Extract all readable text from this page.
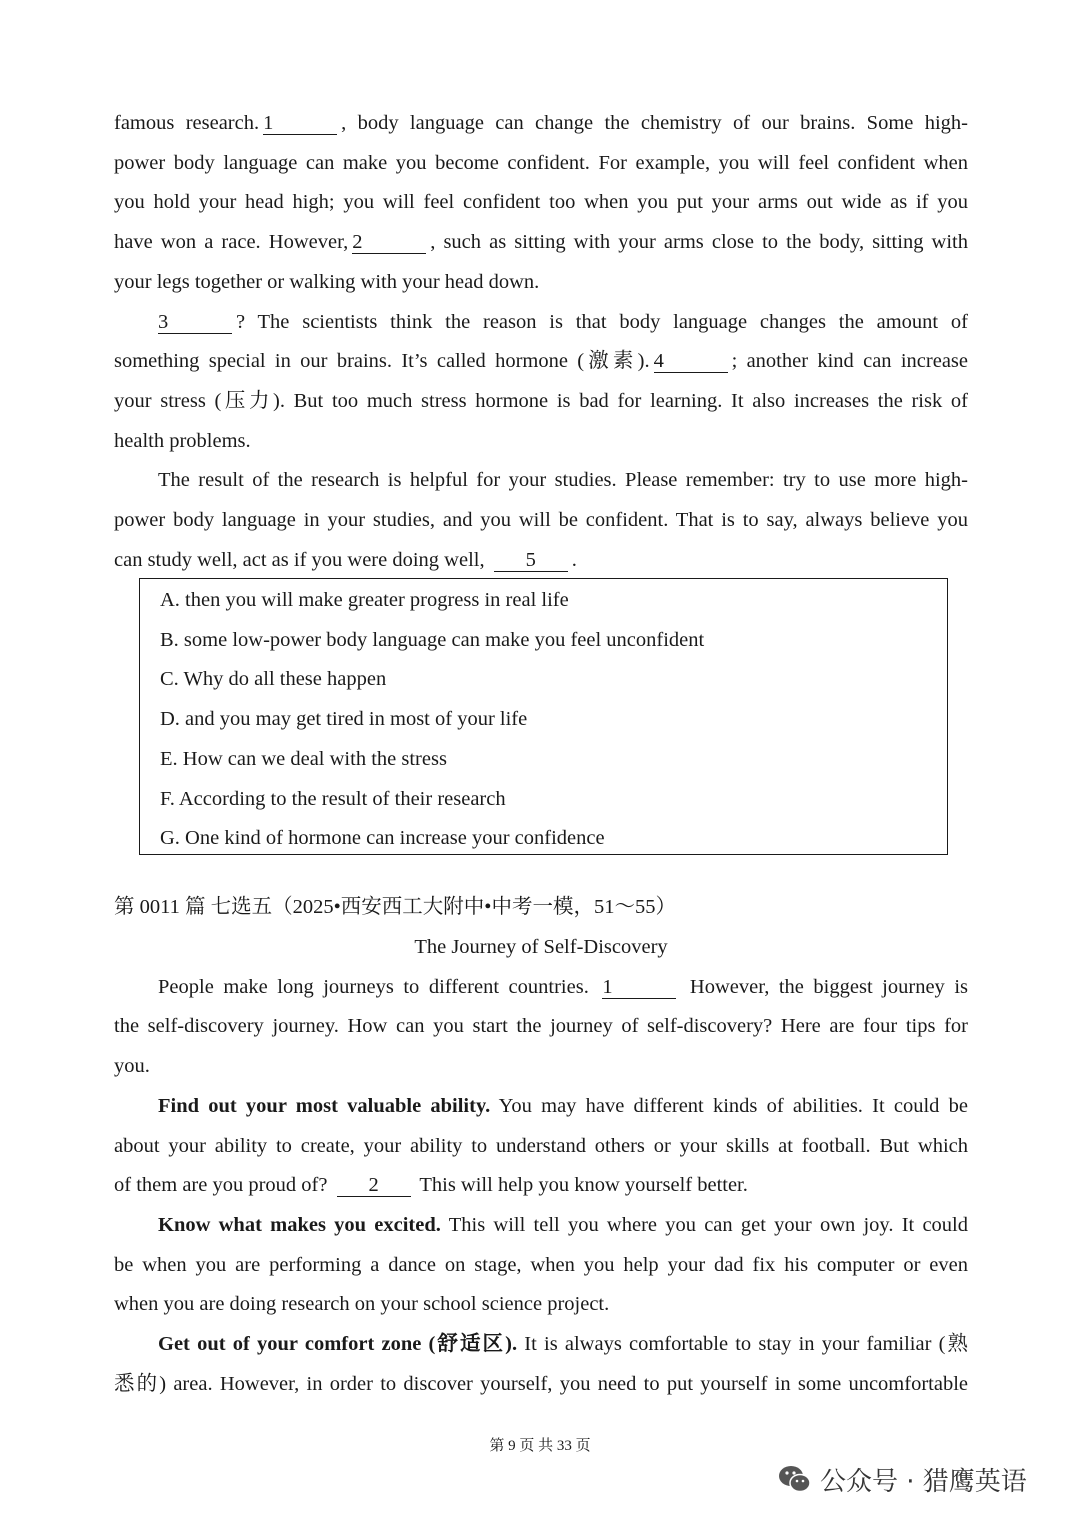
famous research. 1	, body language can change the chemistry of our brains. Some high-
power body language can make you become confident. For example, you will feel confident when
you hold your head high; you will feel confident too when you put your arms out wide as if you
have won a race. However, 2	, such as sitting with your arms close to the body, sitting with
your legs together or walking with your head down.
3	? The scientists think the reason is that body language changes the amount of
something special in our brains. It’s called hormone (激素). 4	; another kind can increase
your stress (压力). But too much stress hormone is bad for learning. It also increases the risk of
health problems.
The result of the research is helpful for your studies. Please remember: try to use more high-
power body language in your studies, and you will be confident. That is to say, always believe you
can study well, act as if you were doing well, 5 .
A. then you will make greater progress in real life
B. some low-power body language can make you feel unconfident
C. Why do all these happen
D. and you may get tired in most of your life
E. How can we deal with the stress
F. According to the result of their research
G. One kind of hormone can increase your confidence
第 0011 篇 七选五（2025•西安西工大附中•中考一模，51～55）
The Journey of Self-Discovery
People make long journeys to different countries. 1	However, the biggest journey is
the self-discovery journey. How can you start the journey of self-discovery? Here are four tips for
you.
Find out your most valuable ability. You may have different kinds of abilities. It could be
about your ability to create, your ability to understand others or your skills at football. But which
of them are you proud of? 2 This will help you know yourself better.
Know what makes you excited. This will tell you where you can get your own joy. It could
be when you are performing a dance on stage, when you help your dad fix his computer or even
when you are doing research on your school science project.
Get out of your comfort zone (舒适区). It is always comfortable to stay in your familiar (熟
悉的) area. However, in order to discover yourself, you need to put yourself in some uncomfortable
第 9 页 共 33 页
公众号 · 猎鹰英语
